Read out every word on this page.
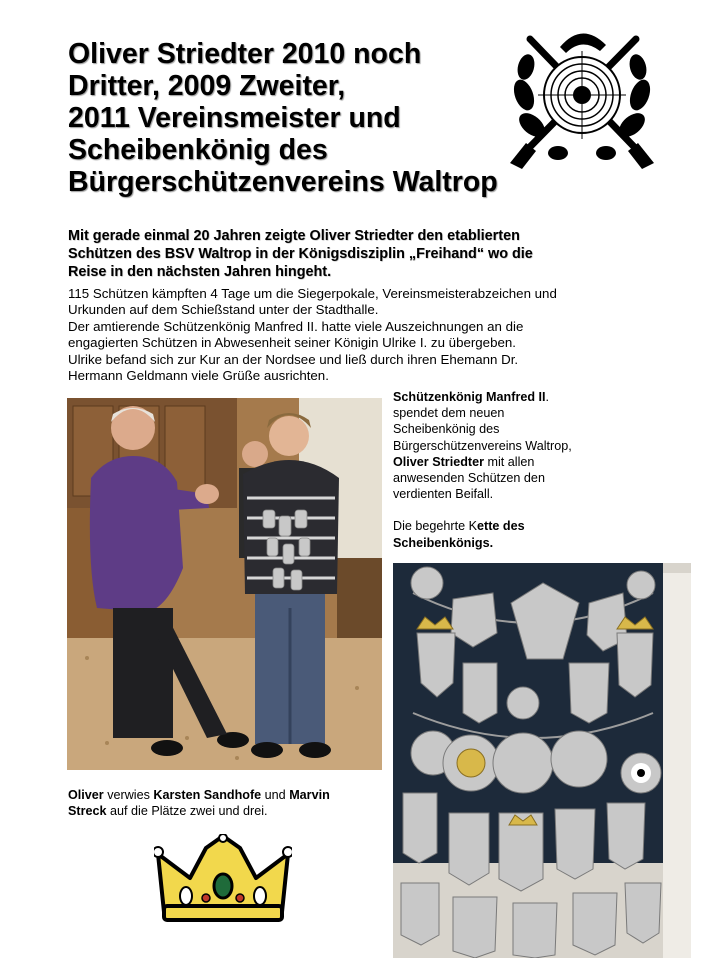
Oliver Striedter 2010 noch
Dritter, 2009 Zweiter,
2011 Vereinsmeister und
Scheibenkönig des
Bürgerschützenvereins Waltrop
Mit gerade einmal 20 Jahren zeigte Oliver Striedter den etablierten
Schützen des BSV Waltrop in der Königsdisziplin „Freihand“ wo die
Reise in den nächsten Jahren hingeht.
115 Schützen kämpften 4 Tage um die Siegerpokale, Vereinsmeisterabzeichen und
Urkunden auf dem Schießstand unter der Stadthalle.
Der amtierende Schützenkönig Manfred II. hatte viele Auszeichnungen an die
engagierten Schützen in Abwesenheit seiner Königin Ulrike I. zu übergeben.
Ulrike befand sich zur Kur an der Nordsee und ließ durch ihren Ehemann Dr.
Hermann Geldmann viele Grüße ausrichten.
Schützenkönig Manfred II.
spendet dem neuen
Scheibenkönig des
Bürgerschützenvereins Waltrop,
Oliver Striedter mit allen
anwesenden Schützen den
verdienten Beifall.
Die begehrte Kette des
Scheibenkönigs.
Oliver verwies Karsten Sandhofe und Marvin
Streck auf die Plätze zwei und drei.
